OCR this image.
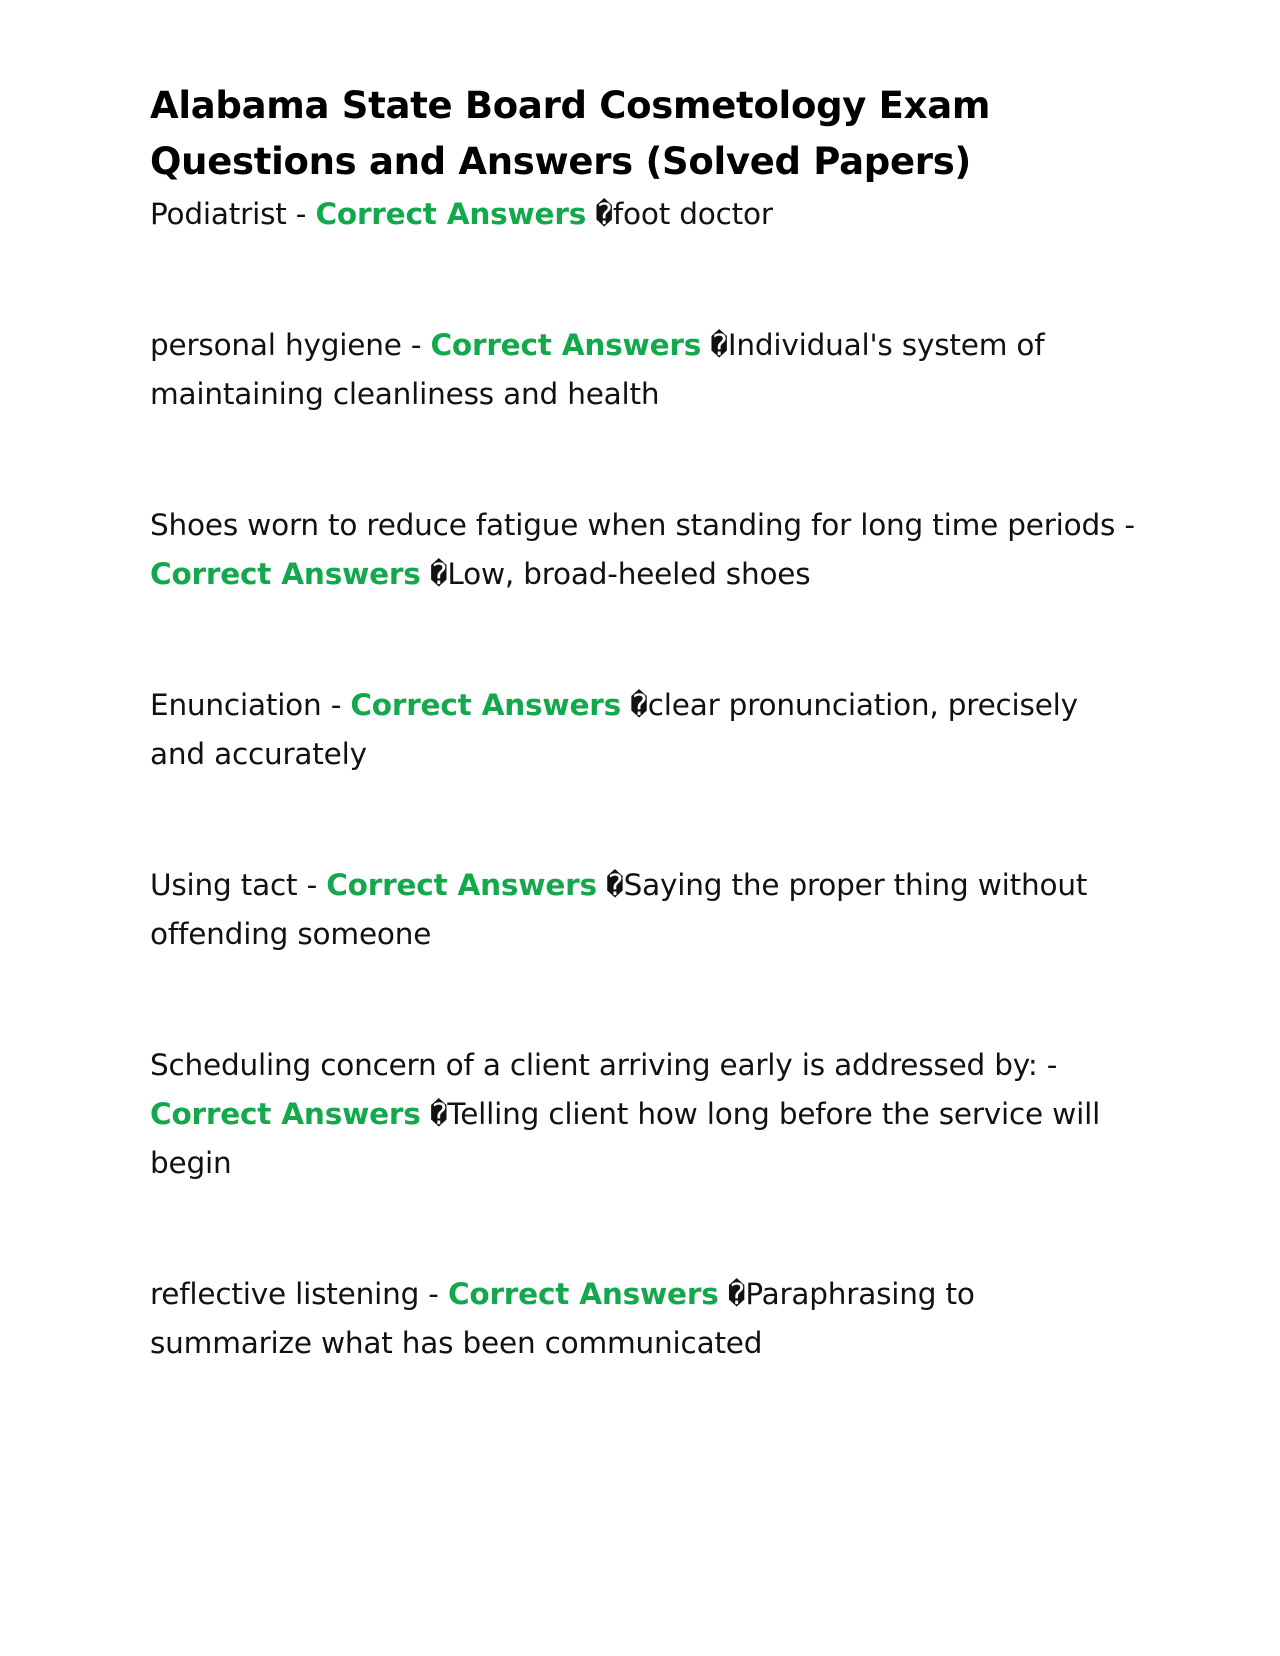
Alabama State Board Cosmetology Exam Questions and Answers (Solved Papers)

Podiatrist - Correct Answers �foot doctor

personal hygiene - Correct Answers �Individual's system of maintaining cleanliness and health

Shoes worn to reduce fatigue when standing for long time periods - Correct Answers �Low, broad-heeled shoes

Enunciation - Correct Answers �clear pronunciation, precisely and accurately

Using tact - Correct Answers �Saying the proper thing without offending someone

Scheduling concern of a client arriving early is addressed by: - Correct Answers �Telling client how long before the service will begin

reflective listening - Correct Answers �Paraphrasing to summarize what has been communicated
